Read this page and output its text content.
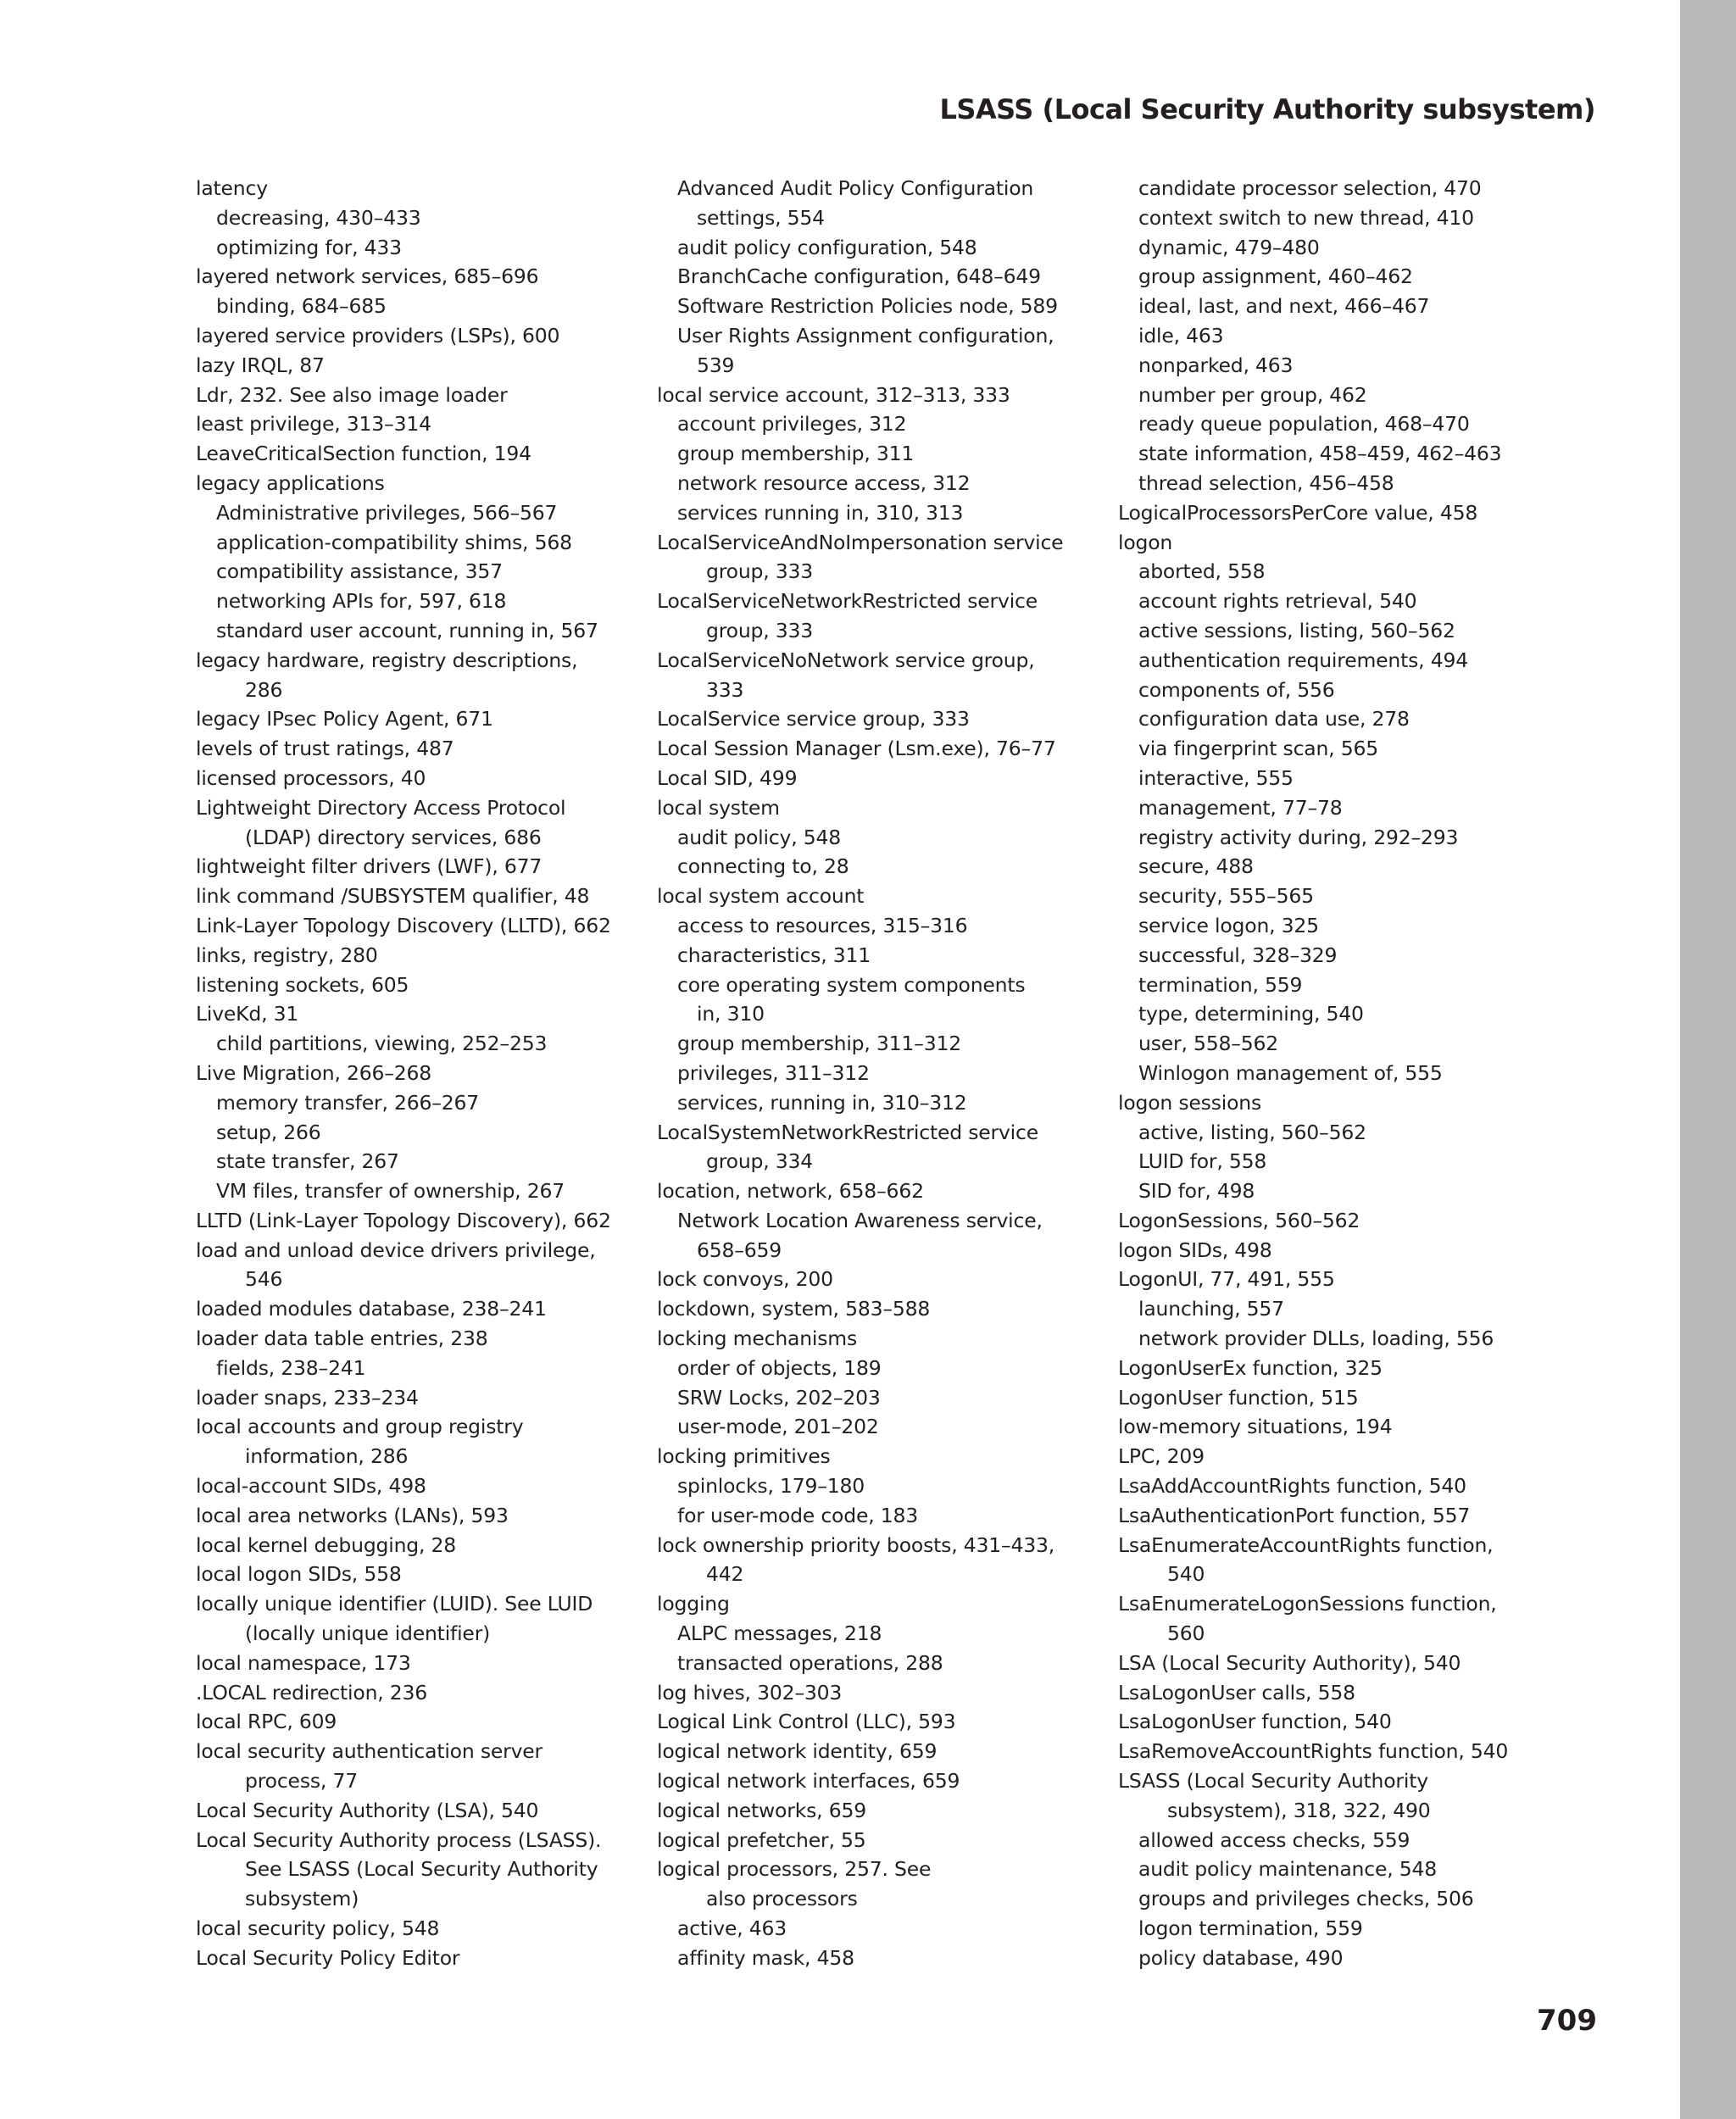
LSASS (Local Security Authority subsystem)
latency
decreasing, 430–433
optimizing for, 433
layered network services, 685–696
binding, 684–685
layered service providers (LSPs), 600
lazy IRQL, 87
Ldr, 232. See also image loader
least privilege, 313–314
LeaveCriticalSection function, 194
legacy applications
Administrative privileges, 566–567
application-compatibility shims, 568
compatibility assistance, 357
networking APIs for, 597, 618
standard user account, running in, 567
legacy hardware, registry descriptions,
286
legacy IPsec Policy Agent, 671
levels of trust ratings, 487
licensed processors, 40
Lightweight Directory Access Protocol
(LDAP) directory services, 686
lightweight filter drivers (LWF), 677
link command /SUBSYSTEM qualifier, 48
Link-Layer Topology Discovery (LLTD), 662
links, registry, 280
listening sockets, 605
LiveKd, 31
child partitions, viewing, 252–253
Live Migration, 266–268
memory transfer, 266–267
setup, 266
state transfer, 267
VM files, transfer of ownership, 267
LLTD (Link-Layer Topology Discovery), 662
load and unload device drivers privilege,
546
loaded modules database, 238–241
loader data table entries, 238
fields, 238–241
loader snaps, 233–234
local accounts and group registry
information, 286
local-account SIDs, 498
local area networks (LANs), 593
local kernel debugging, 28
local logon SIDs, 558
locally unique identifier (LUID). See LUID
(locally unique identifier)
local namespace, 173
.LOCAL redirection, 236
local RPC, 609
local security authentication server
process, 77
Local Security Authority (LSA), 540
Local Security Authority process (LSASS).
See LSASS (Local Security Authority
subsystem)
local security policy, 548
Local Security Policy Editor
Advanced Audit Policy Configuration
settings, 554
audit policy configuration, 548
BranchCache configuration, 648–649
Software Restriction Policies node, 589
User Rights Assignment configuration,
539
local service account, 312–313, 333
account privileges, 312
group membership, 311
network resource access, 312
services running in, 310, 313
LocalServiceAndNoImpersonation service
group, 333
LocalServiceNetworkRestricted service
group, 333
LocalServiceNoNetwork service group,
333
LocalService service group, 333
Local Session Manager (Lsm.exe), 76–77
Local SID, 499
local system
audit policy, 548
connecting to, 28
local system account
access to resources, 315–316
characteristics, 311
core operating system components
in, 310
group membership, 311–312
privileges, 311–312
services, running in, 310–312
LocalSystemNetworkRestricted service
group, 334
location, network, 658–662
Network Location Awareness service,
658–659
lock convoys, 200
lockdown, system, 583–588
locking mechanisms
order of objects, 189
SRW Locks, 202–203
user-mode, 201–202
locking primitives
spinlocks, 179–180
for user-mode code, 183
lock ownership priority boosts, 431–433,
442
logging
ALPC messages, 218
transacted operations, 288
log hives, 302–303
Logical Link Control (LLC), 593
logical network identity, 659
logical network interfaces, 659
logical networks, 659
logical prefetcher, 55
logical processors, 257. See
also processors
active, 463
affinity mask, 458
candidate processor selection, 470
context switch to new thread, 410
dynamic, 479–480
group assignment, 460–462
ideal, last, and next, 466–467
idle, 463
nonparked, 463
number per group, 462
ready queue population, 468–470
state information, 458–459, 462–463
thread selection, 456–458
LogicalProcessorsPerCore value, 458
logon
aborted, 558
account rights retrieval, 540
active sessions, listing, 560–562
authentication requirements, 494
components of, 556
configuration data use, 278
via fingerprint scan, 565
interactive, 555
management, 77–78
registry activity during, 292–293
secure, 488
security, 555–565
service logon, 325
successful, 328–329
termination, 559
type, determining, 540
user, 558–562
Winlogon management of, 555
logon sessions
active, listing, 560–562
LUID for, 558
SID for, 498
LogonSessions, 560–562
logon SIDs, 498
LogonUI, 77, 491, 555
launching, 557
network provider DLLs, loading, 556
LogonUserEx function, 325
LogonUser function, 515
low-memory situations, 194
LPC, 209
LsaAddAccountRights function, 540
LsaAuthenticationPort function, 557
LsaEnumerateAccountRights function,
540
LsaEnumerateLogonSessions function,
560
LSA (Local Security Authority), 540
LsaLogonUser calls, 558
LsaLogonUser function, 540
LsaRemoveAccountRights function, 540
LSASS (Local Security Authority
subsystem), 318, 322, 490
allowed access checks, 559
audit policy maintenance, 548
groups and privileges checks, 506
logon termination, 559
policy database, 490
709
